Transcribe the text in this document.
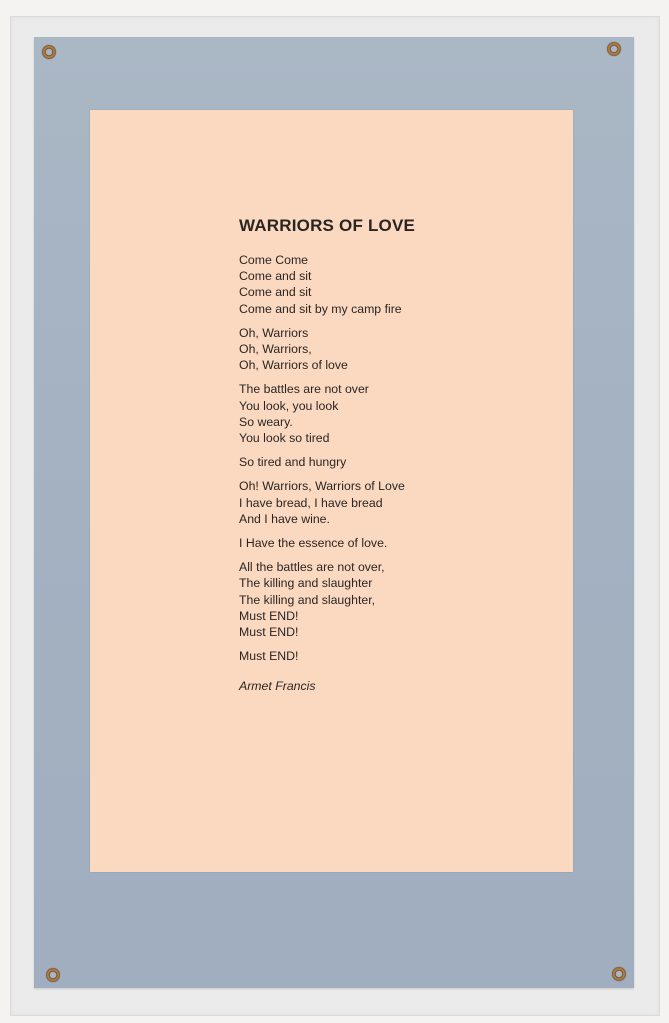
WARRIORS OF LOVE
Come Come
Come and sit
Come and sit
Come and sit by my camp fire
Oh, Warriors
Oh, Warriors,
Oh, Warriors of love
The battles are not over
You look, you look
So weary.
You look so tired
So tired and hungry
Oh! Warriors, Warriors of Love
I have bread, I have bread
And I have wine.
I Have the essence of love.
All the battles are not over,
The killing and slaughter
The killing and slaughter,
Must END!
Must END!
Must END!
Armet Francis
